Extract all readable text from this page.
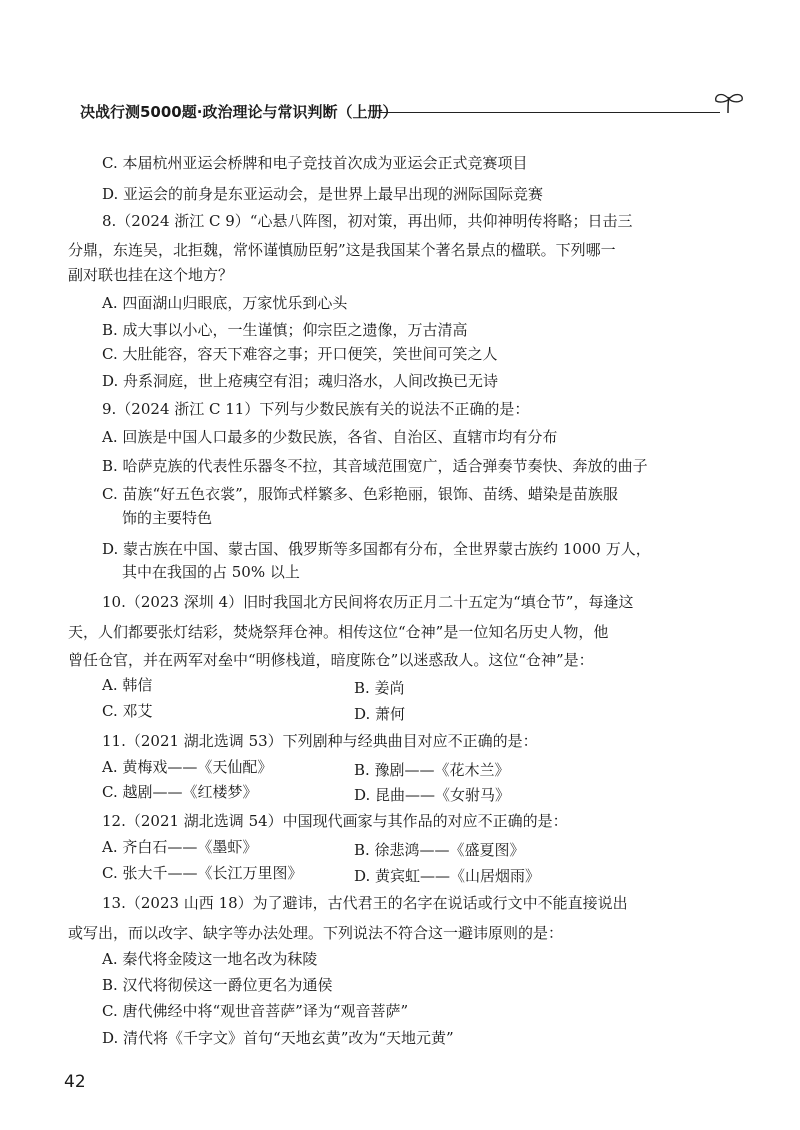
决战行测5000题·政治理论与常识判断（上册）
C. 本届杭州亚运会桥牌和电子竞技首次成为亚运会正式竞赛项目
D. 亚运会的前身是东亚运动会，是世界上最早出现的洲际国际竞赛
8.（2024 浙江 C 9）“心悬八阵图，初对策，再出师，共仰神明传将略；日击三
分鼎，东连吴，北拒魏，常怀谨慎励臣躬”这是我国某个著名景点的楹联。下列哪一
副对联也挂在这个地方？
A. 四面湖山归眼底，万家忧乐到心头
B. 成大事以小心，一生谨慎；仰宗臣之遗像，万古清高
C. 大肚能容，容天下难容之事；开口便笑，笑世间可笑之人
D. 舟系洞庭，世上疮痍空有泪；魂归洛水，人间改换已无诗
9.（2024 浙江 C 11）下列与少数民族有关的说法不正确的是：
A. 回族是中国人口最多的少数民族，各省、自治区、直辖市均有分布
B. 哈萨克族的代表性乐器冬不拉，其音域范围宽广，适合弹奏节奏快、奔放的曲子
C. 苗族“好五色衣裳”，服饰式样繁多、色彩艳丽，银饰、苗绣、蜡染是苗族服
饰的主要特色
D. 蒙古族在中国、蒙古国、俄罗斯等多国都有分布，全世界蒙古族约 1000 万人，
其中在我国的占 50% 以上
10.（2023 深圳 4）旧时我国北方民间将农历正月二十五定为“填仓节”，每逢这
天，人们都要张灯结彩，焚烧祭拜仓神。相传这位“仓神”是一位知名历史人物，他
曾任仓官，并在两军对垒中“明修栈道，暗度陈仓”以迷惑敌人。这位“仓神”是：
A. 韩信	B. 姜尚
C. 邓艾	D. 萧何
11.（2021 湖北选调 53）下列剧种与经典曲目对应不正确的是：
A. 黄梅戏——《天仙配》	B. 豫剧——《花木兰》
C. 越剧——《红楼梦》	D. 昆曲——《女驸马》
12.（2021 湖北选调 54）中国现代画家与其作品的对应不正确的是：
A. 齐白石——《墨虾》	B. 徐悲鸿——《盛夏图》
C. 张大千——《长江万里图》	D. 黄宾虹——《山居烟雨》
13.（2023 山西 18）为了避讳，古代君王的名字在说话或行文中不能直接说出
或写出，而以改字、缺字等办法处理。下列说法不符合这一避讳原则的是：
A. 秦代将金陵这一地名改为秣陵
B. 汉代将彻侯这一爵位更名为通侯
C. 唐代佛经中将“观世音菩萨”译为“观音菩萨”
D. 清代将《千字文》首句“天地玄黄”改为“天地元黄”
42
